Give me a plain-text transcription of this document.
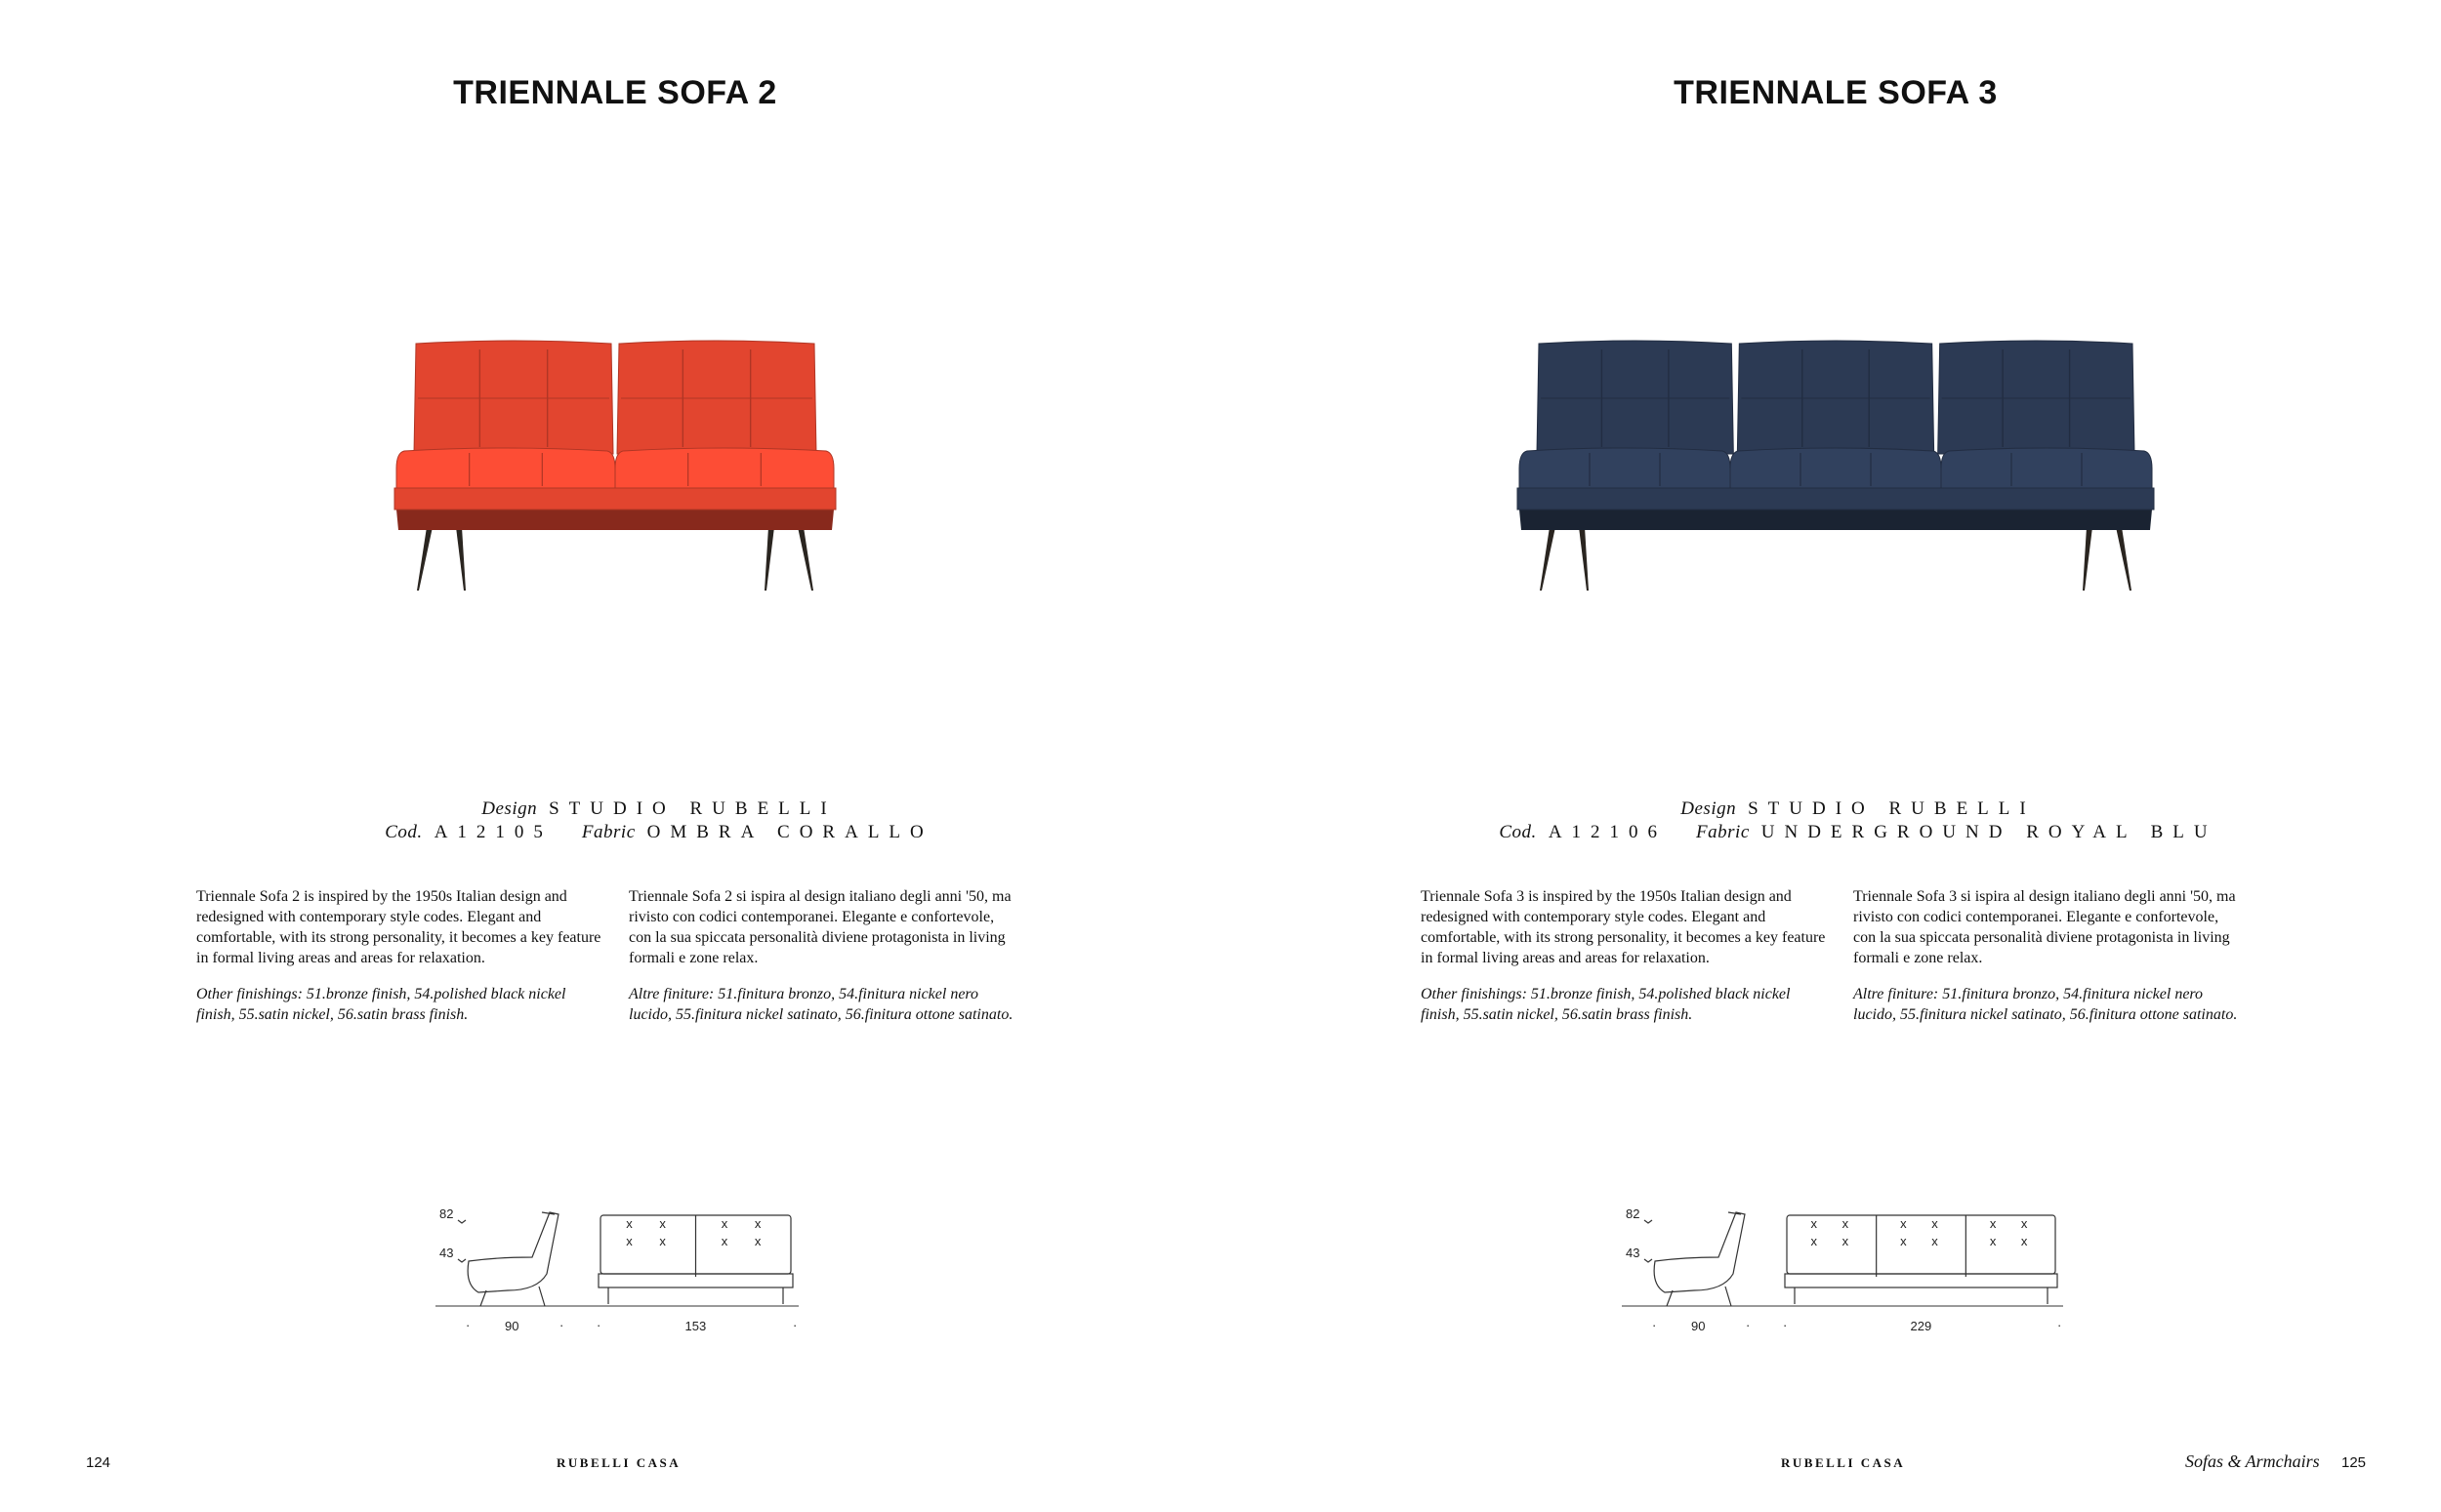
TRIENNALE SOFA 2
Design STUDIO RUBELLI
Cod. A12105 Fabric OMBRA CORALLO

Triennale Sofa 2 is inspired by the 1950s Italian design and redesigned with contemporary style codes. Elegant and comfortable, with its strong personality, it becomes a key feature in formal living areas and areas for relaxation.

Other finishings: 51.bronze finish, 54.polished black nickel finish, 55.satin nickel, 56.satin brass finish.

Triennale Sofa 2 si ispira al design italiano degli anni '50, ma rivisto con codici contemporanei. Elegante e confortevole, con la sua spiccata personalità diviene protagonista in living formali e zone relax.

Altre finiture: 51.finitura bronzo, 54.finitura nickel nero lucido, 55.finitura nickel satinato, 56.finitura ottone satinato.

82
43
x
x
x
x
x
x
x
x
·	·
90	·	·
153
124	RUBELLI CASA
TRIENNALE SOFA 3
Design STUDIO RUBELLI
Cod. A12106 Fabric UNDERGROUND ROYAL BLU

Triennale Sofa 3 is inspired by the 1950s Italian design and redesigned with contemporary style codes. Elegant and comfortable, with its strong personality, it becomes a key feature in formal living areas and areas for relaxation.

Other finishings: 51.bronze finish, 54.polished black nickel finish, 55.satin nickel, 56.satin brass finish.

Triennale Sofa 3 si ispira al design italiano degli anni '50, ma rivisto con codici contemporanei. Elegante e confortevole, con la sua spiccata personalità diviene protagonista in living formali e zone relax.

Altre finiture: 51.finitura bronzo, 54.finitura nickel nero lucido, 55.finitura nickel satinato, 56.finitura ottone satinato.

82
43
x
x
x
x
x
x
x
x
x
x
x
x
·	·
90	·	·
229
RUBELLI CASA	Sofas & Armchairs 125
